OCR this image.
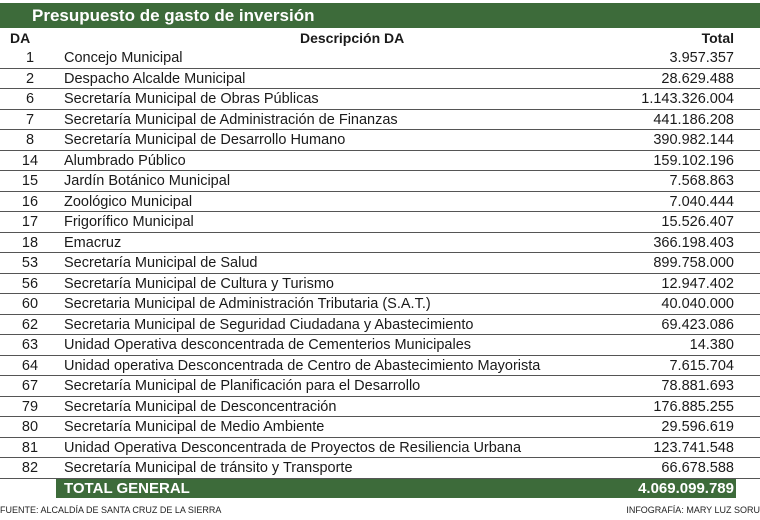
Presupuesto de gasto de inversión
DA	Descripción DA	Total
1	Concejo Municipal	3.957.357
2	Despacho Alcalde Municipal	28.629.488
6	Secretaría Municipal de Obras Públicas	1.143.326.004
7	Secretaría Municipal de Administración de Finanzas	441.186.208
8	Secretaría Municipal de Desarrollo Humano	390.982.144
14	Alumbrado Público	159.102.196
15	Jardín Botánico Municipal	7.568.863
16	Zoológico Municipal	7.040.444
17	Frigorífico Municipal	15.526.407
18	Emacruz	366.198.403
53	Secretaría Municipal de Salud	899.758.000
56	Secretaría Municipal de Cultura y Turismo	12.947.402
60	Secretaria Municipal de Administración Tributaria (S.A.T.)	40.040.000
62	Secretaria Municipal de Seguridad Ciudadana y Abastecimiento	69.423.086
63	Unidad Operativa desconcentrada de Cementerios Municipales	14.380
64	Unidad operativa Desconcentrada de Centro de Abastecimiento Mayorista	7.615.704
67	Secretaría Municipal de Planificación para el Desarrollo	78.881.693
79	Secretaría Municipal de Desconcentración	176.885.255
80	Secretaría Municipal de Medio Ambiente	29.596.619
81	Unidad Operativa Desconcentrada de Proyectos de Resiliencia Urbana	123.741.548
82	Secretaría Municipal de tránsito y Transporte	66.678.588
TOTAL GENERAL	4.069.099.789
FUENTE: ALCALDÍA DE SANTA CRUZ DE LA SIERRA	INFOGRAFÍA: MARY LUZ SORU
